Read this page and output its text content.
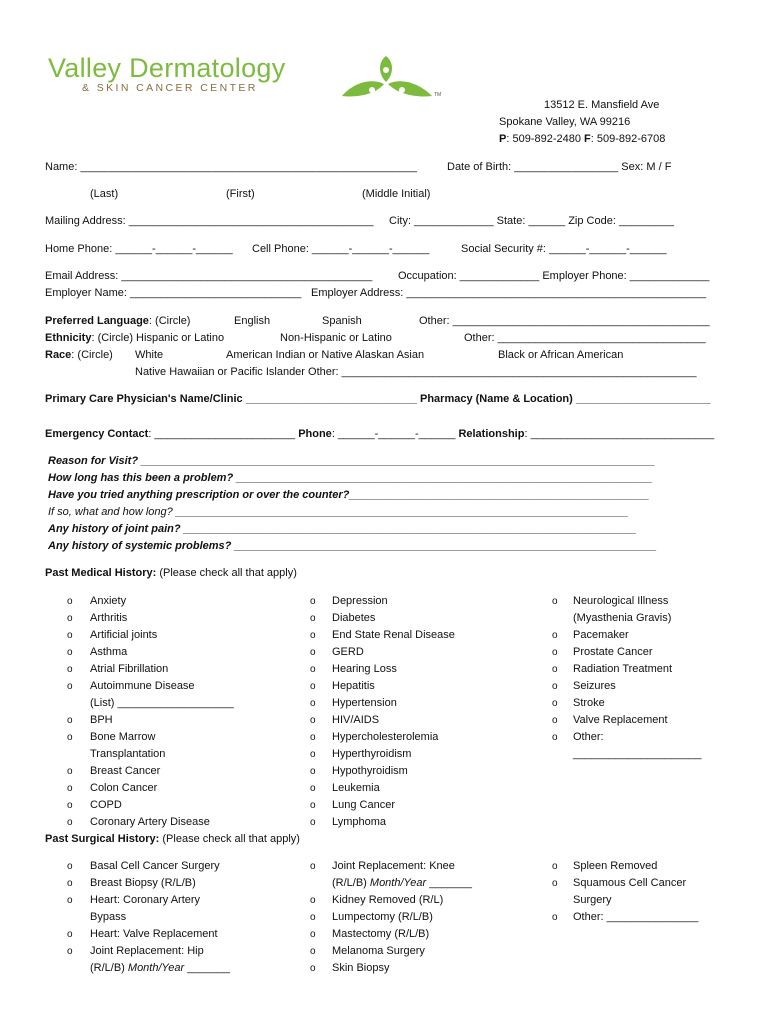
Valley Dermatology
& SKIN CANCER CENTER
TM
13512 E. Mansfield Ave
Spokane Valley, WA 99216
P: 509-892-2480 F: 509-892-6708
Name: _______________________________________________________	Date of Birth: _________________ Sex: M / F
(Last)	(First)	(Middle Initial)
Mailing Address: ________________________________________ City: _____________ State: ______ Zip Code: _________
Home Phone: ______-______-______ Cell Phone: ______-______-______	Social Security #: ______-______-______
Email Address: _________________________________________ Occupation: _____________ Employer Phone: _____________
Employer Name: ____________________________ Employer Address: _________________________________________________
Preferred Language: (Circle)	English	Spanish	Other: __________________________________________
Ethnicity: (Circle) Hispanic or Latino	Non-Hispanic or Latino	Other: __________________________________
Race: (Circle) White	American Indian or Native Alaskan Asian	Black or African American
Native Hawaiian or Pacific Islander Other: __________________________________________________________
Primary Care Physician's Name/Clinic ____________________________ Pharmacy (Name & Location) ______________________
Emergency Contact: _______________________ Phone: ______-______-______ Relationship: ______________________________
Reason for Visit? ____________________________________________________________________________________
How long has this been a problem? ____________________________________________________________________
Have you tried anything prescription or over the counter?_________________________________________________
If so, what and how long? __________________________________________________________________________
Any history of joint pain? __________________________________________________________________________
Any history of systemic problems? _____________________________________________________________________
Past Medical History: (Please check all that apply)
o Anxiety
o Arthritis
o Artificial joints
o Asthma
o Atrial Fibrillation
o Autoimmune Disease
(List) ___________________
o BPH
o Bone Marrow
Transplantation
o Breast Cancer
o Colon Cancer
o COPD
o Coronary Artery Disease
o Depression
o Diabetes
o End State Renal Disease
o GERD
o Hearing Loss
o Hepatitis
o Hypertension
o HIV/AIDS
o Hypercholesterolemia
o Hyperthyroidism
o Hypothyroidism
o Leukemia
o Lung Cancer
o Lymphoma
o Neurological Illness
(Myasthenia Gravis)
o Pacemaker
o Prostate Cancer
o Radiation Treatment
o Seizures
o Stroke
o Valve Replacement
o Other:
_____________________
Past Surgical History: (Please check all that apply)
o Basal Cell Cancer Surgery
o Breast Biopsy (R/L/B)
o Heart: Coronary Artery
Bypass
o Heart: Valve Replacement
o Joint Replacement: Hip
(R/L/B) Month/Year _______
o Joint Replacement: Knee
(R/L/B) Month/Year _______
o Kidney Removed (R/L)
o Lumpectomy (R/L/B)
o Mastectomy (R/L/B)
o Melanoma Surgery
o Skin Biopsy
o Spleen Removed
o Squamous Cell Cancer
Surgery
o Other: _______________
